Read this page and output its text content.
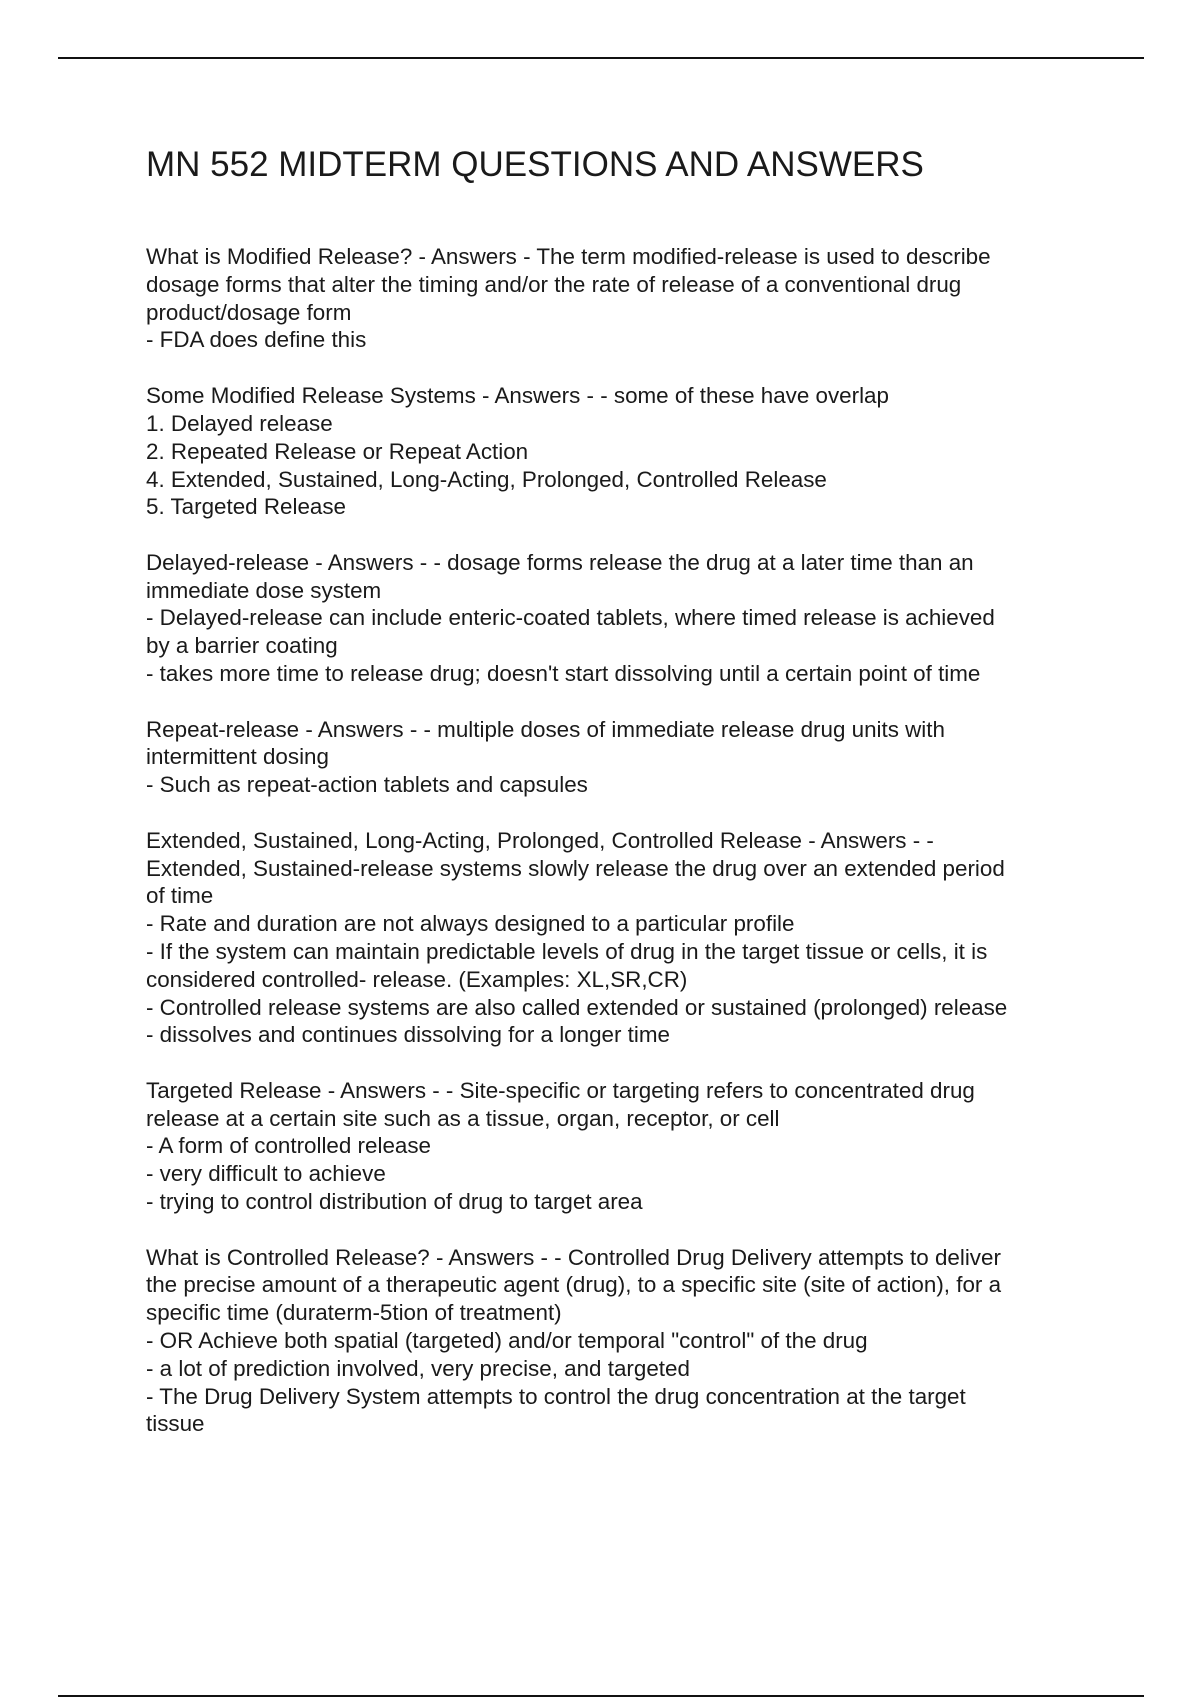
MN 552 MIDTERM QUESTIONS AND ANSWERS

What is Modified Release? - Answers - The term modified-release is used to describe

dosage forms that alter the timing and/or the rate of release of a conventional drug

product/dosage form

- FDA does define this

Some Modified Release Systems - Answers - - some of these have overlap

1. Delayed release

2. Repeated Release or Repeat Action

4. Extended, Sustained, Long-Acting, Prolonged, Controlled Release

5. Targeted Release

Delayed-release - Answers - - dosage forms release the drug at a later time than an

immediate dose system

- Delayed-release can include enteric-coated tablets, where timed release is achieved

by a barrier coating

- takes more time to release drug; doesn't start dissolving until a certain point of time

Repeat-release - Answers - - multiple doses of immediate release drug units with

intermittent dosing

- Such as repeat-action tablets and capsules

Extended, Sustained, Long-Acting, Prolonged, Controlled Release - Answers - -

Extended, Sustained-release systems slowly release the drug over an extended period

of time

- Rate and duration are not always designed to a particular profile

- If the system can maintain predictable levels of drug in the target tissue or cells, it is

considered controlled- release. (Examples: XL,SR,CR)

- Controlled release systems are also called extended or sustained (prolonged) release

- dissolves and continues dissolving for a longer time

Targeted Release - Answers - - Site-specific or targeting refers to concentrated drug

release at a certain site such as a tissue, organ, receptor, or cell

- A form of controlled release

- very difficult to achieve

- trying to control distribution of drug to target area

What is Controlled Release? - Answers - - Controlled Drug Delivery attempts to deliver

the precise amount of a therapeutic agent (drug), to a specific site (site of action), for a

specific time (duraterm-5tion of treatment)

- OR Achieve both spatial (targeted) and/or temporal "control" of the drug

- a lot of prediction involved, very precise, and targeted

- The Drug Delivery System attempts to control the drug concentration at the target

tissue
